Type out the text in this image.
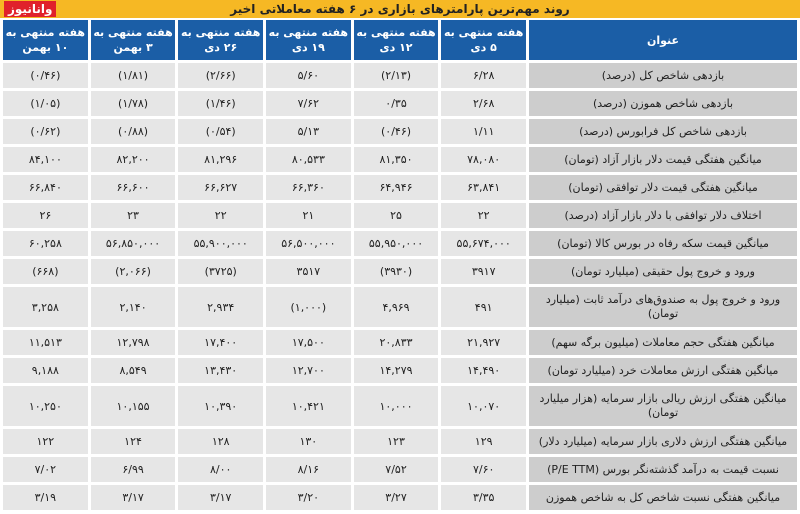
روند مهم‌ترین پارامترهای بازاری در ۶ هفته معاملاتی اخیر
عنوان	هفته منتهی به ۵ دی	هفته منتهی به ۱۲ دی	هفته منتهی به ۱۹ دی	هفته منتهی به ۲۶ دی	هفته منتهی به ۳ بهمن	هفته منتهی به ۱۰ بهمن
بازدهی شاخص کل (درصد)	۶/۲۸	(۲/۱۳)	۵/۶۰	(۲/۶۶)	(۱/۸۱)	(۰/۴۶)
بازدهی شاخص هموزن (درصد)	۲/۶۸	۰/۳۵	۷/۶۲	(۱/۴۶)	(۱/۷۸)	(۱/۰۵)
بازدهی شاخص کل فرابورس (درصد)	۱/۱۱	(۰/۴۶)	۵/۱۳	(۰/۵۴)	(۰/۸۸)	(۰/۶۲)
میانگین هفتگی قیمت دلار بازار آزاد (تومان)	۷۸,۰۸۰	۸۱,۳۵۰	۸۰,۵۳۳	۸۱,۲۹۶	۸۲,۲۰۰	۸۴,۱۰۰
میانگین هفتگی قیمت دلار توافقی (تومان)	۶۳,۸۴۱	۶۴,۹۴۶	۶۶,۳۶۰	۶۶,۶۲۷	۶۶,۶۰۰	۶۶,۸۴۰
اختلاف دلار توافقی با دلار بازار آزاد (درصد)	۲۲	۲۵	۲۱	۲۲	۲۳	۲۶
میانگین قیمت سکه رفاه در بورس کالا (تومان)	۵۵,۶۷۴,۰۰۰	۵۵,۹۵۰,۰۰۰	۵۶,۵۰۰,۰۰۰	۵۵,۹۰۰,۰۰۰	۵۶,۸۵۰,۰۰۰	۶۰,۲۵۸
ورود و خروج پول حقیقی (میلیارد تومان)	۳۹۱۷	(۳۹۳۰)	۳۵۱۷	(۳۷۲۵)	(۲,۰۶۶)	(۶۶۸)
ورود و خروج پول به صندوق‌های درآمد ثابت (میلیارد تومان)	۴۹۱	۴,۹۶۹	(۱,۰۰۰)	۲,۹۳۴	۲,۱۴۰	۳,۲۵۸
میانگین هفتگی حجم معاملات (میلیون برگه سهم)	۲۱,۹۲۷	۲۰,۸۳۳	۱۷,۵۰۰	۱۷,۴۰۰	۱۲,۷۹۸	۱۱,۵۱۳
میانگین هفتگی ارزش معاملات خرد (میلیارد تومان)	۱۴,۴۹۰	۱۴,۲۷۹	۱۲,۷۰۰	۱۳,۴۳۰	۸,۵۴۹	۹,۱۸۸
میانگین هفتگی ارزش ریالی بازار سرمایه (هزار میلیارد تومان)	۱۰,۰۷۰	۱۰,۰۰۰	۱۰,۴۲۱	۱۰,۳۹۰	۱۰,۱۵۵	۱۰,۲۵۰
میانگین هفتگی ارزش دلاری بازار سرمایه (میلیارد دلار)	۱۲۹	۱۲۳	۱۳۰	۱۲۸	۱۲۴	۱۲۲
نسبت قیمت به درآمد گذشته‌نگر بورس (P/E TTM)	۷/۶۰	۷/۵۲	۸/۱۶	۸/۰۰	۶/۹۹	۷/۰۲
میانگین هفتگی نسبت شاخص کل به شاخص هموزن	۳/۳۵	۳/۲۷	۳/۲۰	۳/۱۷	۳/۱۷	۳/۱۹
وانانیوز
